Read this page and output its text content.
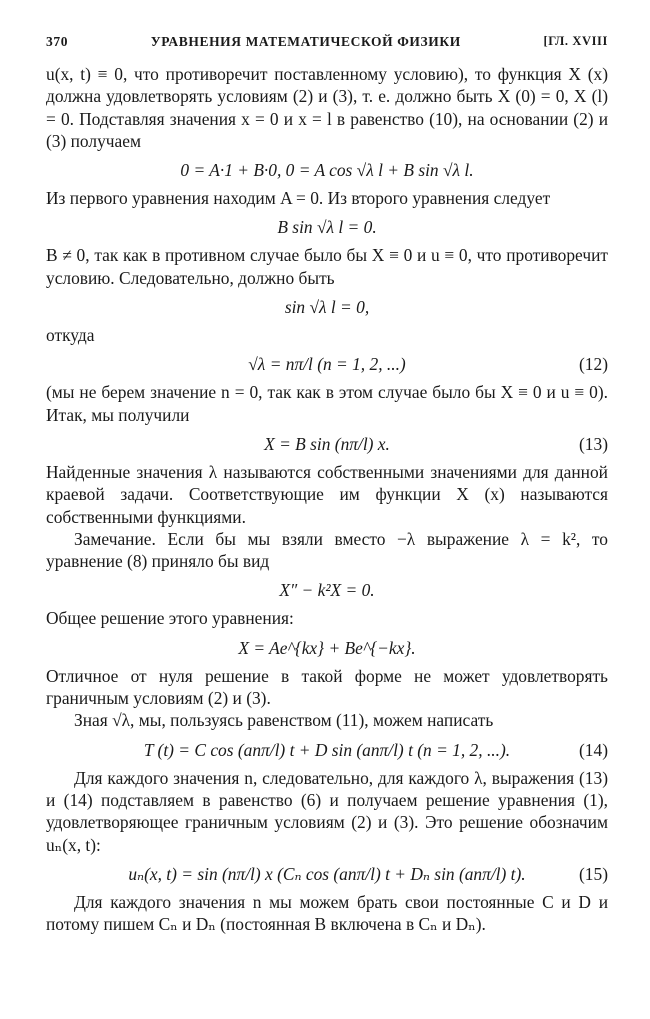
370	УРАВНЕНИЯ МАТЕМАТИЧЕСКОЙ ФИЗИКИ	[ГЛ. XVIII

u(x, t) ≡ 0, что противоречит поставленному условию), то функция X (x) должна удовлетворять условиям (2) и (3), т. е. должно быть X (0) = 0, X (l) = 0. Подставляя значения x = 0 и x = l в равенство (10), на основании (2) и (3) получаем

0 = A·1 + B·0, 0 = A cos √λ l + B sin √λ l.

Из первого уравнения находим A = 0. Из второго уравнения следует

B sin √λ l = 0.

B ≠ 0, так как в противном случае было бы X ≡ 0 и u ≡ 0, что противоречит условию. Следовательно, должно быть

sin √λ l = 0,

откуда

√λ = nπ/l (n = 1, 2, ...)	(12)

(мы не берем значение n = 0, так как в этом случае было бы X ≡ 0 и u ≡ 0). Итак, мы получили

X = B sin (nπ/l) x.	(13)

Найденные значения λ называются собственными значениями для данной краевой задачи. Соответствующие им функции X (x) называются собственными функциями.

Замечание. Если бы мы взяли вместо −λ выражение λ = k², то уравнение (8) приняло бы вид

X″ − k²X = 0.

Общее решение этого уравнения:

X = Ae^{kx} + Be^{−kx}.

Отличное от нуля решение в такой форме не может удовлетворять граничным условиям (2) и (3).

Зная √λ, мы, пользуясь равенством (11), можем написать

T (t) = C cos (anπ/l) t + D sin (anπ/l) t (n = 1, 2, ...).	(14)

Для каждого значения n, следовательно, для каждого λ, выражения (13) и (14) подставляем в равенство (6) и получаем решение уравнения (1), удовлетворяющее граничным условиям (2) и (3). Это решение обозначим uₙ(x, t):

uₙ(x, t) = sin (nπ/l) x (Cₙ cos (anπ/l) t + Dₙ sin (anπ/l) t).	(15)

Для каждого значения n мы можем брать свои постоянные C и D и потому пишем Cₙ и Dₙ (постоянная B включена в Cₙ и Dₙ).
